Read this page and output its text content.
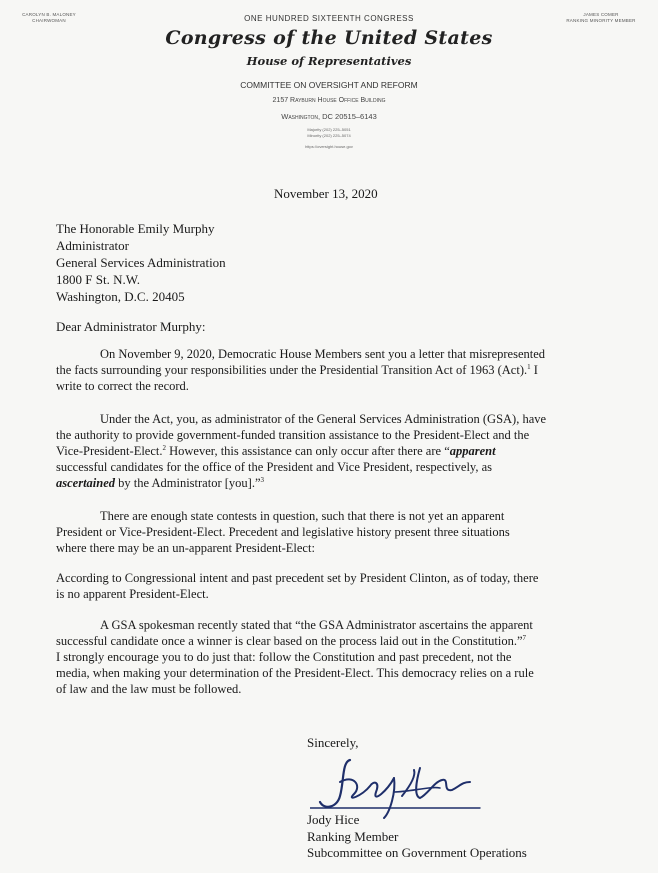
CAROLYN B. MALONEY
CHAIRWOMAN	ONE HUNDRED SIXTEENTH CONGRESS	JAMES COMER
RANKING MINORITY MEMBER
Congress of the United States
House of Representatives
COMMITTEE ON OVERSIGHT AND REFORM
2157 Rayburn House Office Building
Washington, DC 20515–6143
Majority (202) 225–5051
Minority (202) 225–5074
https://oversight.house.gov
November 13, 2020
The Honorable Emily Murphy
Administrator
General Services Administration
1800 F St. N.W.
Washington, D.C. 20405
Dear Administrator Murphy:
On November 9, 2020, Democratic House Members sent you a letter that misrepresented
the facts surrounding your responsibilities under the Presidential Transition Act of 1963 (Act).$^1$ I
write to correct the record.
Under the Act, you, as administrator of the General Services Administration (GSA), have
the authority to provide government-funded transition assistance to the President-Elect and the
Vice-President-Elect.$^2$ However, this assistance can only occur after there are “apparent
successful candidates for the office of the President and Vice President, respectively, as
ascertained by the Administrator [you].”$^3$
There are enough state contests in question, such that there is not yet an apparent
President or Vice-President-Elect. Precedent and legislative history present three situations
where there may be an un-apparent President-Elect:
According to Congressional intent and past precedent set by President Clinton, as of today, there
is no apparent President-Elect.
A GSA spokesman recently stated that “the GSA Administrator ascertains the apparent
successful candidate once a winner is clear based on the process laid out in the Constitution.”$^7$
I strongly encourage you to do just that: follow the Constitution and past precedent, not the
media, when making your determination of the President-Elect. This democracy relies on a rule
of law and the law must be followed.
Sincerely,
Jody Hice
Ranking Member
Subcommittee on Government Operations
